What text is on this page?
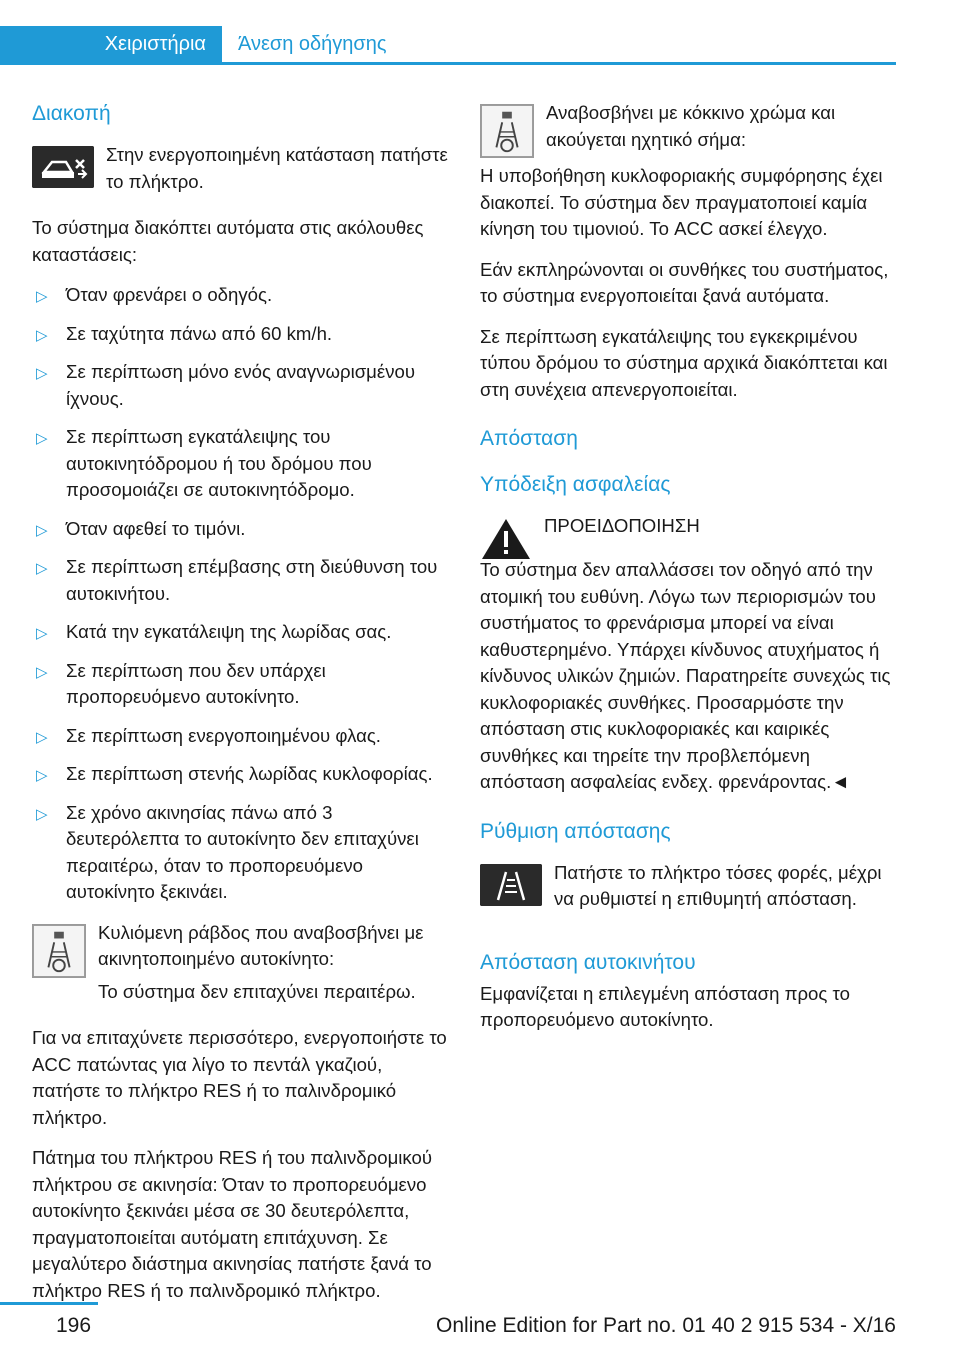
Χειριστήρια	Άνεση οδήγησης
Διακοπή

Στην ενεργοποιημένη κατάσταση πατήστε το πλήκτρο.

Το σύστημα διακόπτει αυτόματα στις ακόλουθες καταστάσεις:

▷ Όταν φρενάρει ο οδηγός.
▷ Σε ταχύτητα πάνω από 60 km/h.
▷ Σε περίπτωση μόνο ενός αναγνωρισμένου ίχνους.
▷ Σε περίπτωση εγκατάλειψης του αυτοκινητόδρομου ή του δρόμου που προσομοιάζει σε αυτοκινητόδρομο.
▷ Όταν αφεθεί το τιμόνι.
▷ Σε περίπτωση επέμβασης στη διεύθυνση του αυτοκινήτου.
▷ Κατά την εγκατάλειψη της λωρίδας σας.
▷ Σε περίπτωση που δεν υπάρχει προπορευόμενο αυτοκίνητο.
▷ Σε περίπτωση ενεργοποιημένου φλας.
▷ Σε περίπτωση στενής λωρίδας κυκλοφορίας.
▷ Σε χρόνο ακινησίας πάνω από 3 δευτερόλεπτα το αυτοκίνητο δεν επιταχύνει περαιτέρω, όταν το προπορευόμενο αυτοκίνητο ξεκινάει.

Κυλιόμενη ράβδος που αναβοσβήνει με ακινητοποιημένο αυτοκίνητο:

Το σύστημα δεν επιταχύνει περαιτέρω.

Για να επιταχύνετε περισσότερο, ενεργοποιήστε το ACC πατώντας για λίγο το πεντάλ γκαζιού, πατήστε το πλήκτρο RES ή το παλινδρομικό πλήκτρο.

Πάτημα του πλήκτρου RES ή του παλινδρομικού πλήκτρου σε ακινησία: Όταν το προπορευόμενο αυτοκίνητο ξεκινάει μέσα σε 30 δευτερόλεπτα, πραγματοποιείται αυτόματη επιτάχυνση. Σε μεγαλύτερο διάστημα ακινησίας πατήστε ξανά το πλήκτρο RES ή το παλινδρομικό πλήκτρο.

Αναβοσβήνει με κόκκινο χρώμα και ακούγεται ηχητικό σήμα:

Η υποβοήθηση κυκλοφοριακής συμφόρησης έχει διακοπεί. Το σύστημα δεν πραγματοποιεί καμία κίνηση του τιμονιού. Το ACC ασκεί έλεγχο.

Εάν εκπληρώνονται οι συνθήκες του συστήματος, το σύστημα ενεργοποιείται ξανά αυτόματα.

Σε περίπτωση εγκατάλειψης του εγκεκριμένου τύπου δρόμου το σύστημα αρχικά διακόπτεται και στη συνέχεια απενεργοποιείται.

Απόσταση
Υπόδειξη ασφαλείας

ΠΡΟΕΙΔΟΠΟΙΗΣΗ

Το σύστημα δεν απαλλάσσει τον οδηγό από την ατομική του ευθύνη. Λόγω των περιορισμών του συστήματος το φρενάρισμα μπορεί να είναι καθυστερημένο. Υπάρχει κίνδυνος ατυχήματος ή κίνδυνος υλικών ζημιών. Παρατηρείτε συνεχώς τις κυκλοφοριακές συνθήκες. Προσαρμόστε την απόσταση στις κυκλοφοριακές και καιρικές συνθήκες και τηρείτε την προβλεπόμενη απόσταση ασφαλείας ενδεχ. φρενάροντας.◄

Ρύθμιση απόστασης

Πατήστε το πλήκτρο τόσες φορές, μέχρι να ρυθμιστεί η επιθυμητή απόσταση.

Απόσταση αυτοκινήτου

Εμφανίζεται η επιλεγμένη απόσταση προς το προπορευόμενο αυτοκίνητο.

196	Online Edition for Part no. 01 40 2 915 534 - X/16
